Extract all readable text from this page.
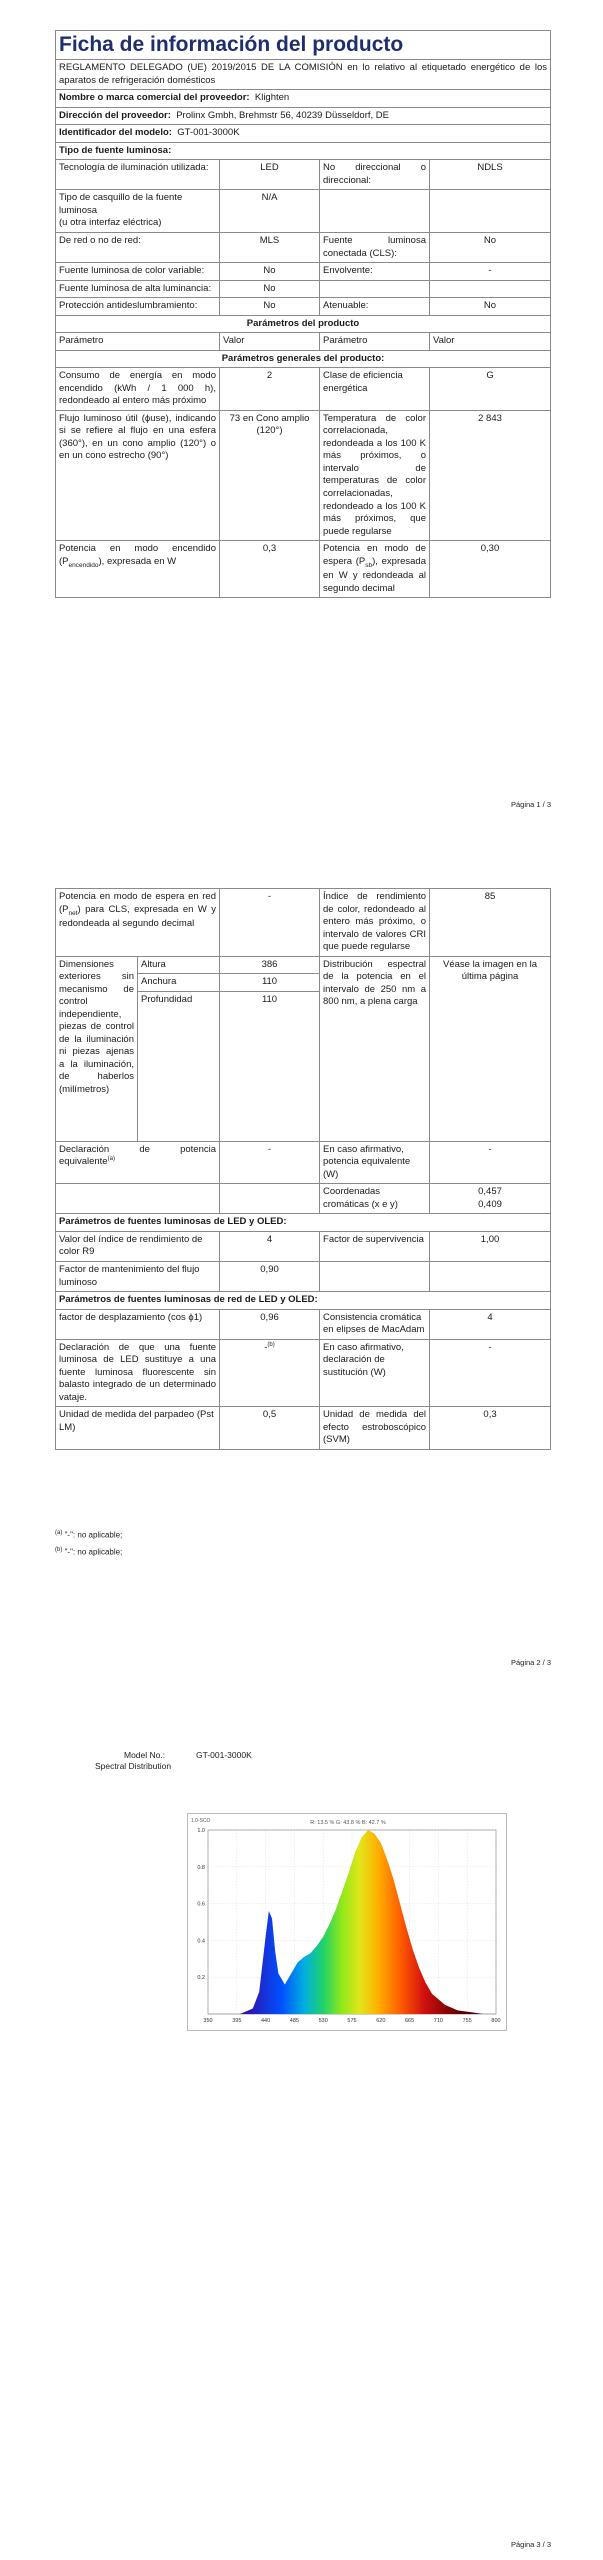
Ficha de información del producto			
REGLAMENTO DELEGADO (UE) 2019/2015 DE LA COMISIÓN en lo relativo al etiquetado energético de los aparatos de refrigeración domésticos			
Nombre o marca comercial del proveedor: Klighten			
Dirección del proveedor: Prolinx Gmbh, Brehmstr 56, 40239 Düsseldorf, DE			
Identificador del modelo: GT-001-3000K			
Tipo de fuente luminosa:			
Tecnología de iluminación utilizada:	LED	No direccional o direccional:	NDLS

Tipo de casquillo de la fuente luminosa
(u otra interfaz eléctrica)	N/A		
De red o no de red:	MLS	Fuente luminosa conectada (CLS):	No
Fuente luminosa de color variable:	No	Envolvente:	-
Fuente luminosa de alta luminancia:	No		
Protección antideslumbramiento:	No	Atenuable:	No
Parámetros del producto			
Parámetro	Valor	Parámetro	Valor
Parámetros generales del producto:			
Consumo de energía en modo encendido (kWh / 1 000 h), redondeado al entero más próximo	2	Clase de eficiencia energética	G
Flujo luminoso útil (ϕuse), indicando si se refiere al flujo en una esfera (360°), en un cono amplio (120°) o en un cono estrecho (90°)	73 en Cono amplio (120°)	Temperatura de color correlacionada, redondeada a los 100 K más próximos, o intervalo de temperaturas de color correlacionadas, redondeado a los 100 K más próximos, que puede regularse	2 843
Potencia en modo encendido $(P_{encendido})$, expresada en W	0,3	Potencia en modo de espera $(P_{sb})$, expresada en W y redondeada al segundo decimal	0,30
Página 1 / 3
Potencia en modo de espera en red $(P_{net})$ para CLS, expresada en W y redondeada al segundo decimal		-	Índice de rendimiento de color, redondeado al entero más próximo, o intervalo de valores CRI que puede regularse	85
Dimensiones exteriores sin mecanismo de control independiente, piezas de control de la iluminación ni piezas ajenas a la iluminación, de haberlos (milímetros)	Altura	386	Distribución espectral de la potencia en el intervalo de 250 nm a 800 nm, a plena carga	Véase la imagen en la última página
	Anchura	110		
	Profundidad	110		
Declaración de potencia equivalente$^{(a)}$		-	En caso afirmativo, potencia equivalente (W)	-
			Coordenadas cromáticas (x e y)	0,457
0,409

Parámetros de fuentes luminosas de LED y OLED:				
Valor del índice de rendimiento de color R9		4	Factor de supervivencia	1,00
Factor de mantenimiento del flujo luminoso		0,90		
Parámetros de fuentes luminosas de red de LED y OLED:				
factor de desplazamiento (cos ϕ1)		0,96	Consistencia cromática en elipses de MacAdam	4
Declaración de que una fuente luminosa de LED sustituye a una fuente luminosa fluorescente sin balasto integrado de un determinado vataje.		-$^{(b)}$	En caso afirmativo, declaración de sustitución (W)	-
Unidad de medida del parpadeo (Pst LM)		0,5	Unidad de medida del efecto estroboscópico (SVM)	0,3
$^{(a)}$ "-": no aplicable;
$^{(b)}$ "-": no aplicable;
Página 2 / 3
Model No.:	GT-001-3000K
Spectral Distribution
350	395	440	485	530	575	620	665	710	755	800
0.2
0.4
0.6
0.8
1.0
R: 13.5 % G: 43.8 % B: 42.7 %
1.0-SCO
Página 3 / 3
